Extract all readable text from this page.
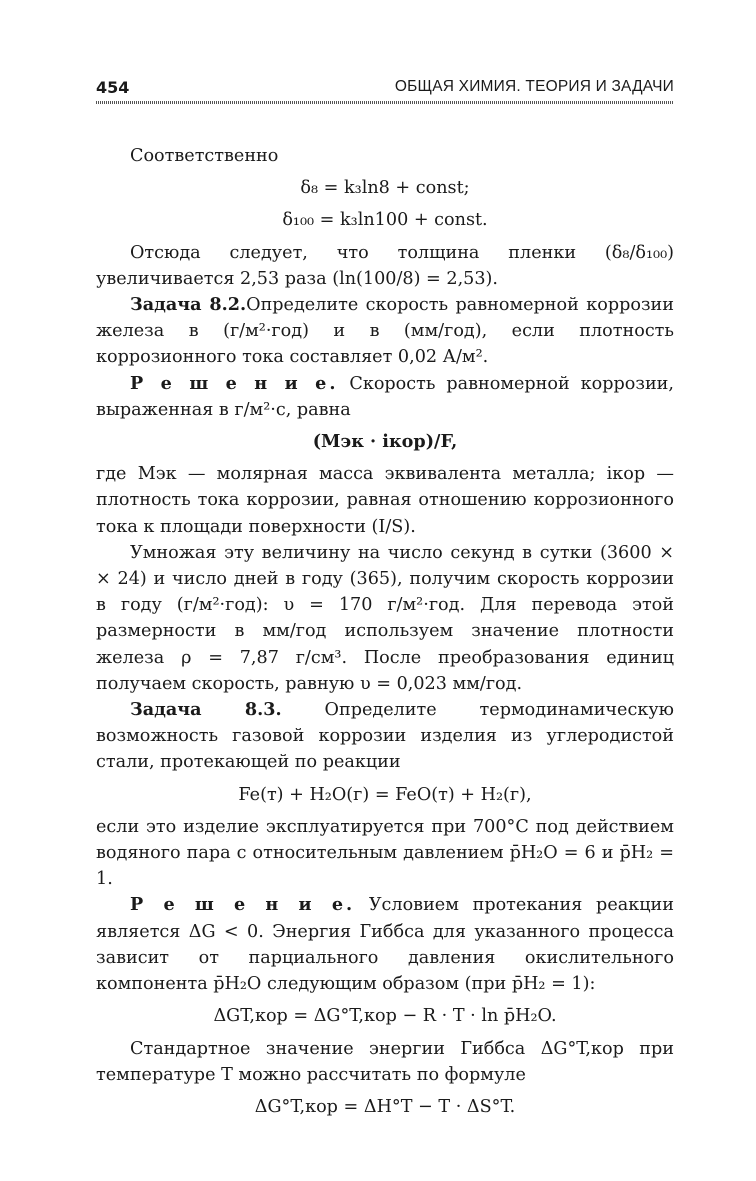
454	ОБЩАЯ ХИМИЯ. ТЕОРИЯ И ЗАДАЧИ

Соответственно

δ₈ = k₃ln8 + const;
δ₁₀₀ = k₃ln100 + const.

Отсюда следует, что толщина пленки (δ₈/δ₁₀₀) увеличивается 2,53 раза (ln(100/8) = 2,53).

Задача 8.2.Определите скорость равномерной коррозии железа в (г/м²·год) и в (мм/год), если плотность коррозионного тока составляет 0,02 А/м².

Р е ш е н и е. Скорость равномерной коррозии, выраженная в г/м²·с, равна

(Mэк · iкор)/F,

где Mэк — молярная масса эквивалента металла; iкор — плотность тока коррозии, равная отношению коррозионного тока к площади поверхности (I/S).

Умножая эту величину на число секунд в сутки (3600 × × 24) и число дней в году (365), получим скорость коррозии в году (г/м²·год): υ = 170 г/м²·год. Для перевода этой размерности в мм/год используем значение плотности железа ρ = 7,87 г/см³. После преобразования единиц получаем скорость, равную υ = 0,023 мм/год.

Задача 8.3. Определите термодинамическую возможность газовой коррозии изделия из углеродистой стали, протекающей по реакции

Fe(т) + H₂O(г) = FeO(т) + H₂(г),

если это изделие эксплуатируется при 700°С под действием водяного пара с относительным давлением p̄H₂O = 6 и p̄H₂ = 1.

Р е ш е н и е. Условием протекания реакции является ΔG < 0. Энергия Гиббса для указанного процесса зависит от парциального давления окислительного компонента p̄H₂O следующим образом (при p̄H₂ = 1):

ΔGT,кор = ΔG°T,кор − R · T · ln p̄H₂O.

Стандартное значение энергии Гиббса ΔG°T,кор при температуре T можно рассчитать по формуле

ΔG°T,кор = ΔH°T − T · ΔS°T.
